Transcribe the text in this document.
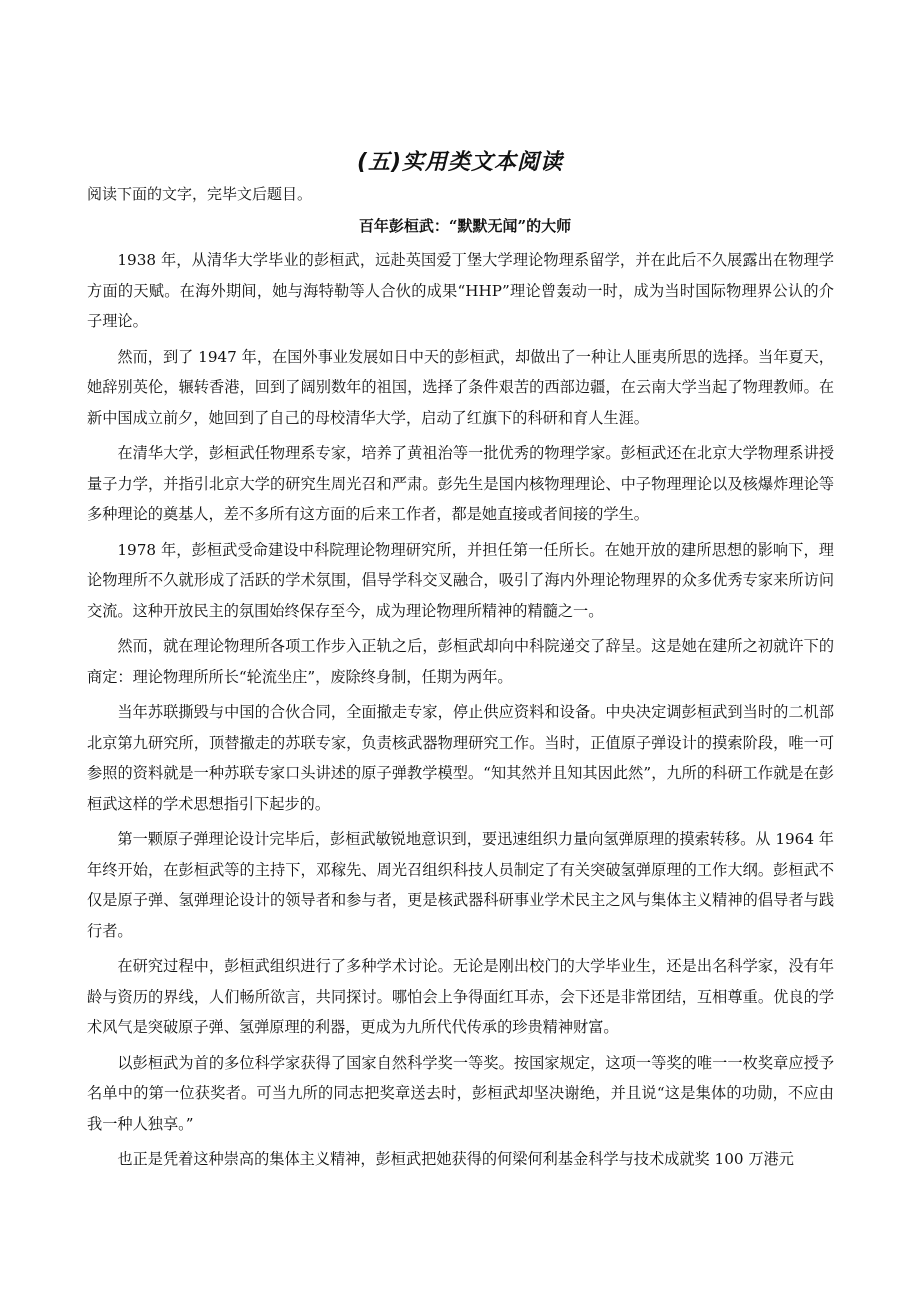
(五)实用类文本阅读

阅读下面的文字，完毕文后题目。

百年彭桓武：“默默无闻”的大师

1938 年，从清华大学毕业的彭桓武，远赴英国爱丁堡大学理论物理系留学，并在此后不久展露出在物理学方面的天赋。在海外期间，她与海特勒等人合伙的成果“HHP”理论曾轰动一时，成为当时国际物理界公认的介子理论。

然而，到了 1947 年，在国外事业发展如日中天的彭桓武，却做出了一种让人匪夷所思的选择。当年夏天，她辞别英伦，辗转香港，回到了阔别数年的祖国，选择了条件艰苦的西部边疆，在云南大学当起了物理教师。在新中国成立前夕，她回到了自己的母校清华大学，启动了红旗下的科研和育人生涯。

在清华大学，彭桓武任物理系专家，培养了黄祖治等一批优秀的物理学家。彭桓武还在北京大学物理系讲授量子力学，并指引北京大学的研究生周光召和严肃。彭先生是国内核物理理论、中子物理理论以及核爆炸理论等多种理论的奠基人，差不多所有这方面的后来工作者，都是她直接或者间接的学生。

1978 年，彭桓武受命建设中科院理论物理研究所，并担任第一任所长。在她开放的建所思想的影响下，理论物理所不久就形成了活跃的学术氛围，倡导学科交叉融合，吸引了海内外理论物理界的众多优秀专家来所访问交流。这种开放民主的氛围始终保存至今，成为理论物理所精神的精髓之一。

然而，就在理论物理所各项工作步入正轨之后，彭桓武却向中科院递交了辞呈。这是她在建所之初就许下的商定：理论物理所所长“轮流坐庄”，废除终身制，任期为两年。

当年苏联撕毁与中国的合伙合同，全面撤走专家，停止供应资料和设备。中央决定调彭桓武到当时的二机部北京第九研究所，顶替撤走的苏联专家，负责核武器物理研究工作。当时，正值原子弹设计的摸索阶段，唯一可参照的资料就是一种苏联专家口头讲述的原子弹教学模型。“知其然并且知其因此然”，九所的科研工作就是在彭桓武这样的学术思想指引下起步的。

第一颗原子弹理论设计完毕后，彭桓武敏锐地意识到，要迅速组织力量向氢弹原理的摸索转移。从 1964 年年终开始，在彭桓武等的主持下，邓稼先、周光召组织科技人员制定了有关突破氢弹原理的工作大纲。彭桓武不仅是原子弹、氢弹理论设计的领导者和参与者，更是核武器科研事业学术民主之风与集体主义精神的倡导者与践行者。

在研究过程中，彭桓武组织进行了多种学术讨论。无论是刚出校门的大学毕业生，还是出名科学家，没有年龄与资历的界线，人们畅所欲言，共同探讨。哪怕会上争得面红耳赤，会下还是非常团结，互相尊重。优良的学术风气是突破原子弹、氢弹原理的利器，更成为九所代代传承的珍贵精神财富。

以彭桓武为首的多位科学家获得了国家自然科学奖一等奖。按国家规定，这项一等奖的唯一一枚奖章应授予名单中的第一位获奖者。可当九所的同志把奖章送去时，彭桓武却坚决谢绝，并且说“这是集体的功勋，不应由我一种人独享。”

也正是凭着这种崇高的集体主义精神，彭桓武把她获得的何梁何利基金科学与技术成就奖 100 万港元
